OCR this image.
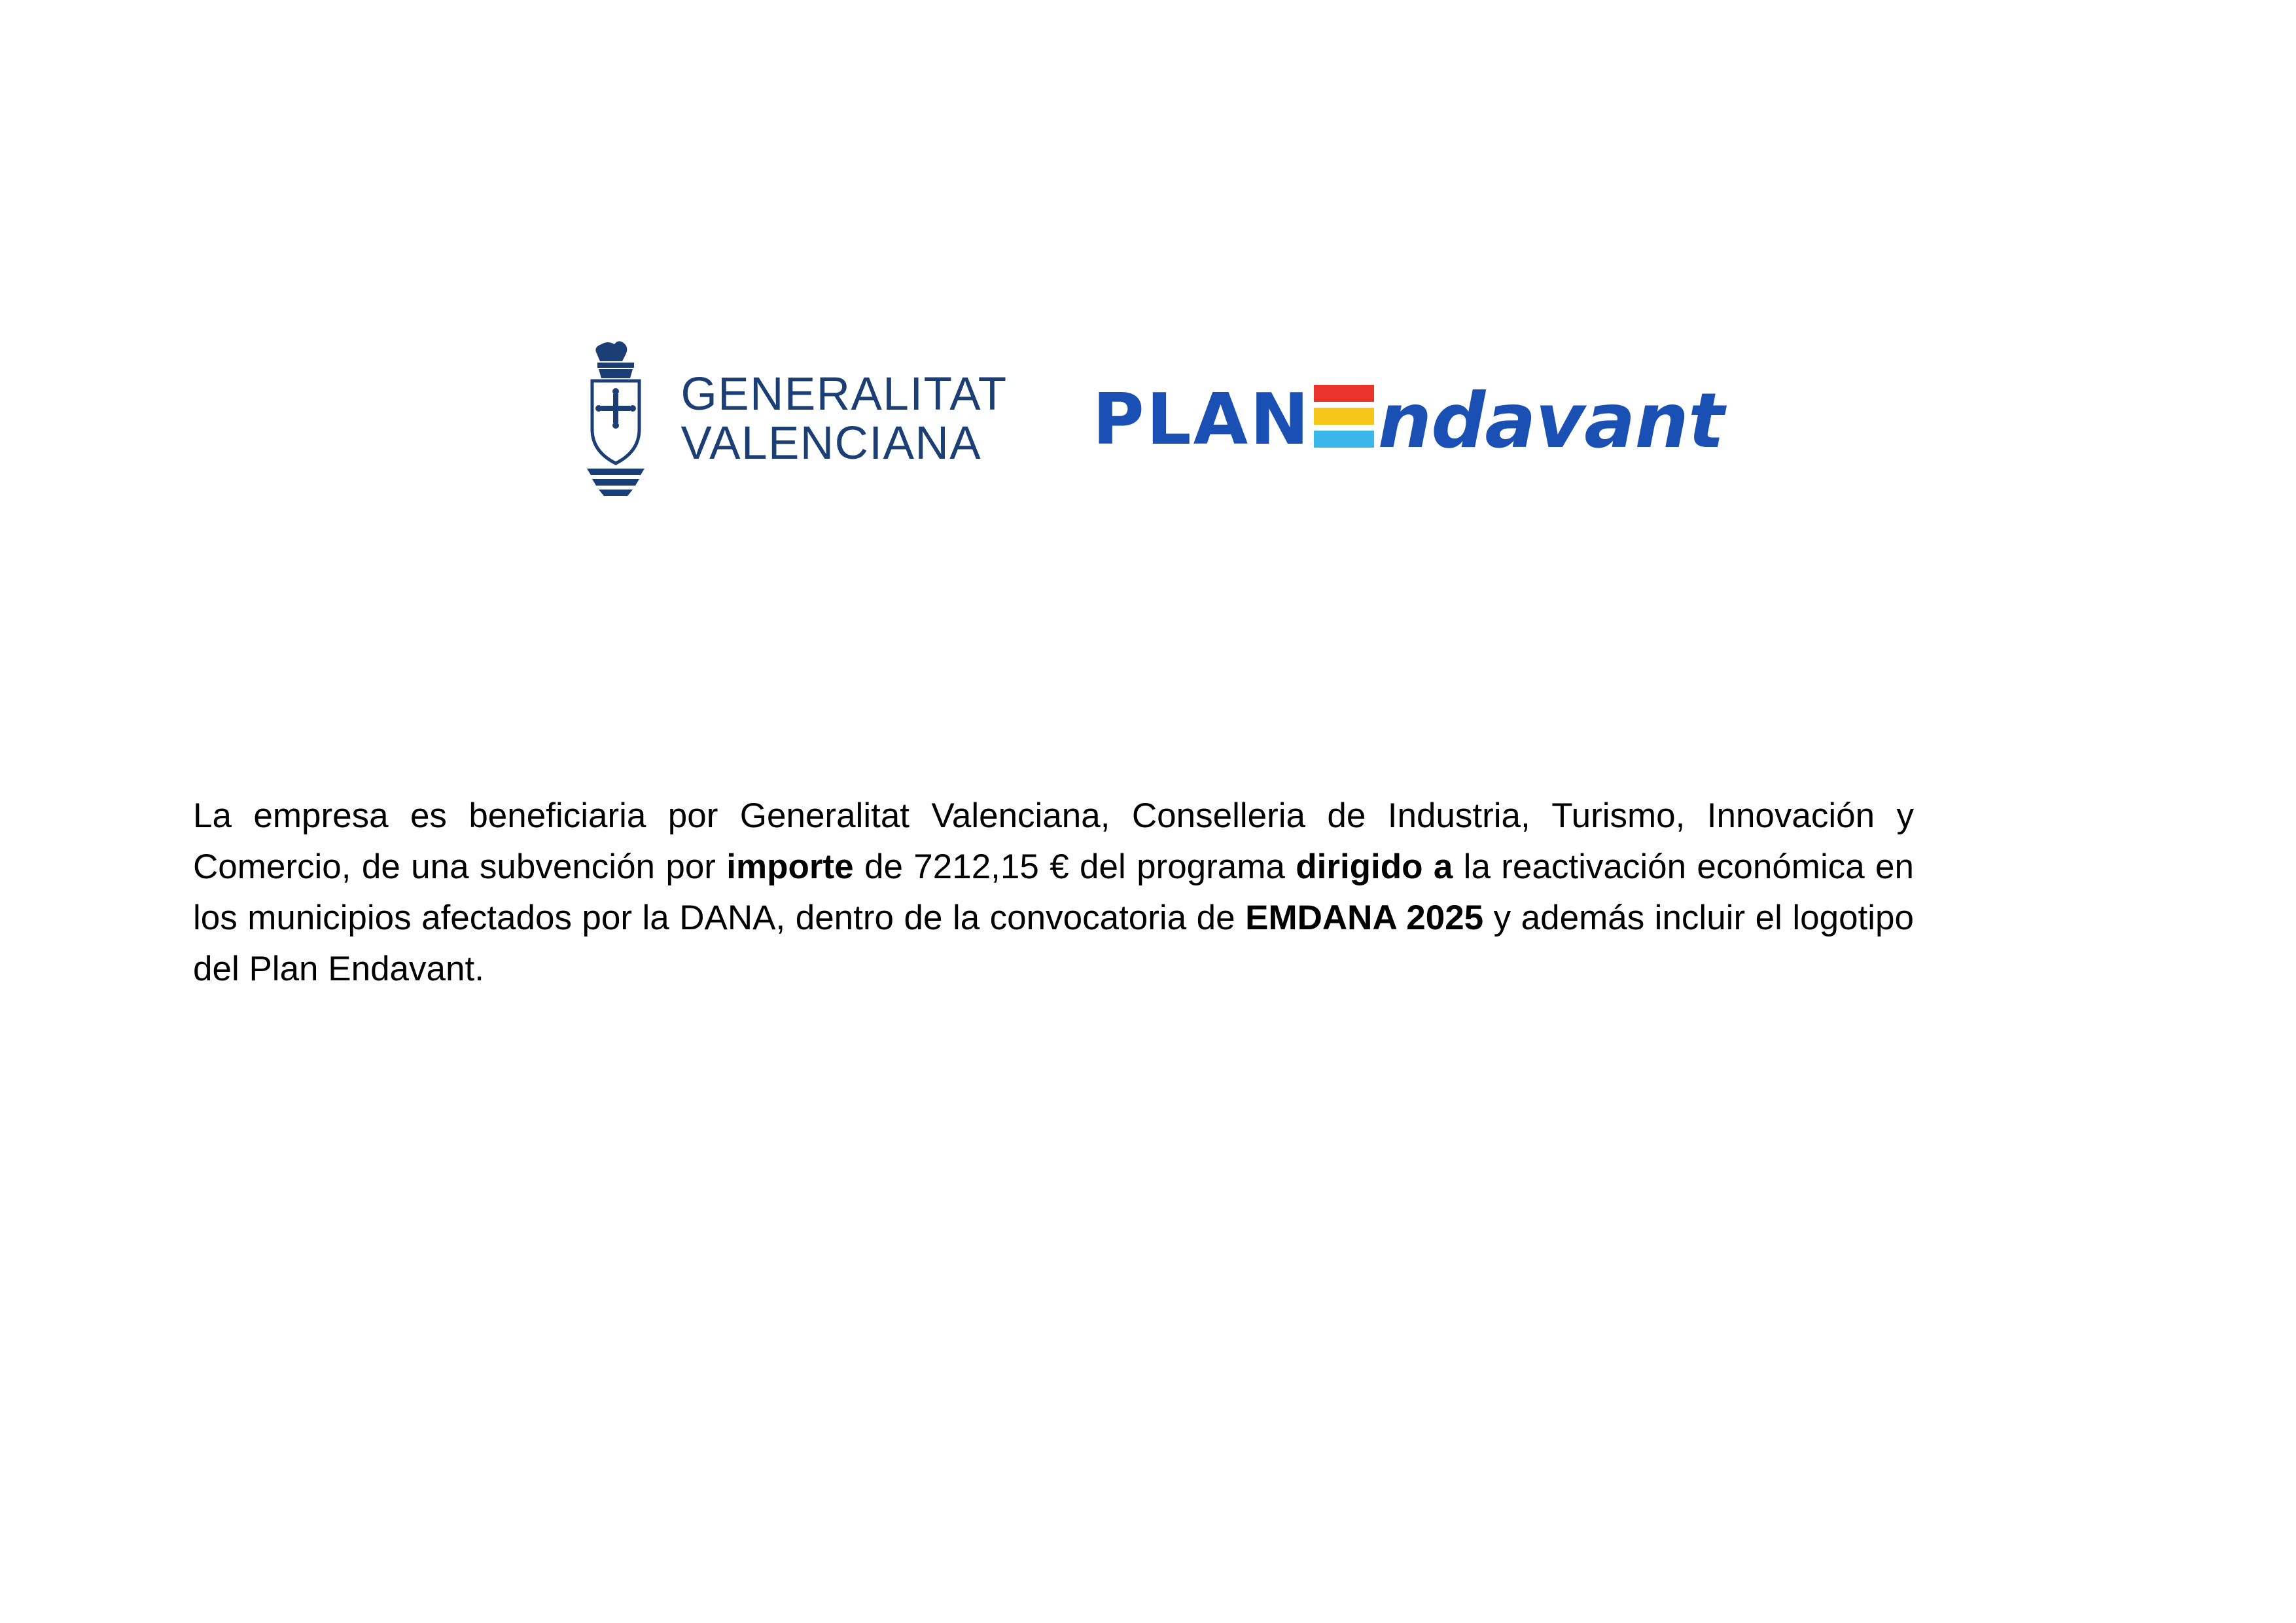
GENERALITAT
VALENCIANA	PLAN ndavant

La empresa es beneficiaria por Generalitat Valenciana, Conselleria de Industria, Turismo, Innovación y Comercio, de una subvención por importe de 7212,15 € del programa dirigido a la reactivación económica en los municipios afectados por la DANA, dentro de la convocatoria de EMDANA 2025 y además incluir el logotipo del Plan Endavant.
